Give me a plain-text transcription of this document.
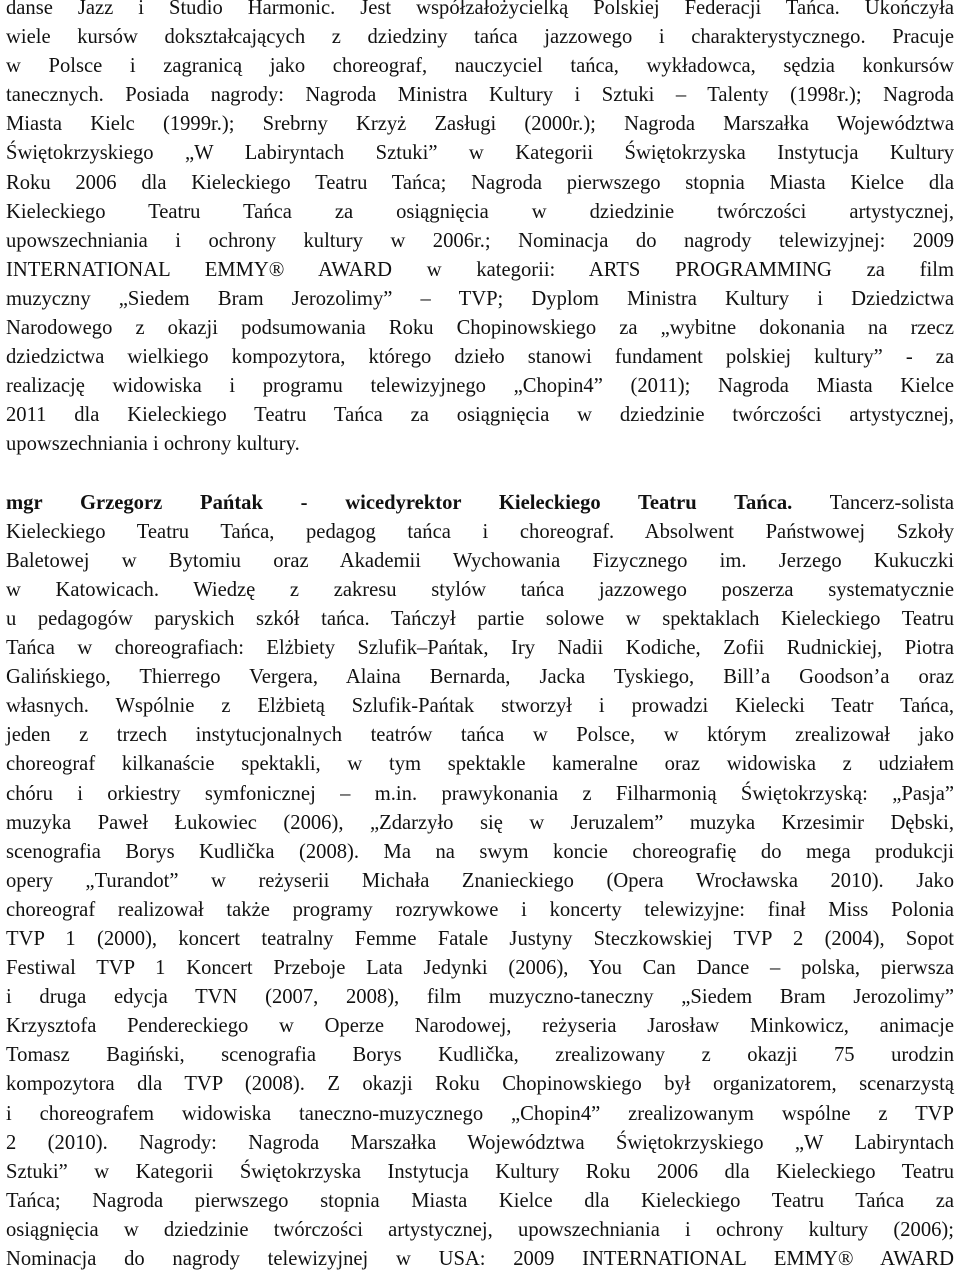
danse Jazz i Studio Harmonic. Jest współzałożycielką Polskiej Federacji Tańca. Ukończyła
wiele kursów dokształcających z dziedziny tańca jazzowego i charakterystycznego. Pracuje
w Polsce i zagranicą jako choreograf, nauczyciel tańca, wykładowca, sędzia konkursów
tanecznych. Posiada nagrody: Nagroda Ministra Kultury i Sztuki – Talenty (1998r.); Nagroda
Miasta Kielc (1999r.); Srebrny Krzyż Zasługi (2000r.); Nagroda Marszałka Województwa
Świętokrzyskiego „W Labiryntach Sztuki” w Kategorii Świętokrzyska Instytucja Kultury
Roku 2006 dla Kieleckiego Teatru Tańca; Nagroda pierwszego stopnia Miasta Kielce dla
Kieleckiego Teatru Tańca za osiągnięcia w dziedzinie twórczości artystycznej,
upowszechniania i ochrony kultury w 2006r.; Nominacja do nagrody telewizyjnej: 2009
INTERNATIONAL EMMY® AWARD w kategorii: ARTS PROGRAMMING za film
muzyczny „Siedem Bram Jerozolimy” – TVP; Dyplom Ministra Kultury i Dziedzictwa
Narodowego z okazji podsumowania Roku Chopinowskiego za „wybitne dokonania na rzecz
dziedzictwa wielkiego kompozytora, którego dzieło stanowi fundament polskiej kultury” - za
realizację widowiska i programu telewizyjnego „Chopin4” (2011); Nagroda Miasta Kielce
2011 dla Kieleckiego Teatru Tańca za osiągnięcia w dziedzinie twórczości artystycznej,
upowszechniania i ochrony kultury.
mgr Grzegorz Pańtak - wicedyrektor Kieleckiego Teatru Tańca. Tancerz-solista
Kieleckiego Teatru Tańca, pedagog tańca i choreograf. Absolwent Państwowej Szkoły
Baletowej w Bytomiu oraz Akademii Wychowania Fizycznego im. Jerzego Kukuczki
w Katowicach. Wiedzę z zakresu stylów tańca jazzowego poszerza systematycznie
u pedagogów paryskich szkół tańca. Tańczył partie solowe w spektaklach Kieleckiego Teatru
Tańca w choreografiach: Elżbiety Szlufik–Pańtak, Iry Nadii Kodiche, Zofii Rudnickiej, Piotra
Galińskiego, Thierrego Vergera, Alaina Bernarda, Jacka Tyskiego, Bill’a Goodson’a oraz
własnych. Wspólnie z Elżbietą Szlufik-Pańtak stworzył i prowadzi Kielecki Teatr Tańca,
jeden z trzech instytucjonalnych teatrów tańca w Polsce, w którym zrealizował jako
choreograf kilkanaście spektakli, w tym spektakle kameralne oraz widowiska z udziałem
chóru i orkiestry symfonicznej – m.in. prawykonania z Filharmonią Świętokrzyską: „Pasja”
muzyka Paweł Łukowiec (2006), „Zdarzyło się w Jeruzalem” muzyka Krzesimir Dębski,
scenografia Borys Kudlička (2008). Ma na swym koncie choreografię do mega produkcji
opery „Turandot” w reżyserii Michała Znanieckiego (Opera Wrocławska 2010). Jako
choreograf realizował także programy rozrywkowe i koncerty telewizyjne: finał Miss Polonia
TVP 1 (2000), koncert teatralny Femme Fatale Justyny Steczkowskiej TVP 2 (2004), Sopot
Festiwal TVP 1 Koncert Przeboje Lata Jedynki (2006), You Can Dance – polska, pierwsza
i druga edycja TVN (2007, 2008), film muzyczno-taneczny „Siedem Bram Jerozolimy”
Krzysztofa Pendereckiego w Operze Narodowej, reżyseria Jarosław Minkowicz, animacje
Tomasz Bagiński, scenografia Borys Kudlička, zrealizowany z okazji 75 urodzin
kompozytora dla TVP (2008). Z okazji Roku Chopinowskiego był organizatorem, scenarzystą
i choreografem widowiska taneczno-muzycznego „Chopin4” zrealizowanym wspólne z TVP
2 (2010). Nagrody: Nagroda Marszałka Województwa Świętokrzyskiego „W Labiryntach
Sztuki” w Kategorii Świętokrzyska Instytucja Kultury Roku 2006 dla Kieleckiego Teatru
Tańca; Nagroda pierwszego stopnia Miasta Kielce dla Kieleckiego Teatru Tańca za
osiągnięcia w dziedzinie twórczości artystycznej, upowszechniania i ochrony kultury (2006);
Nominacja do nagrody telewizyjnej w USA: 2009 INTERNATIONAL EMMY® AWARD
